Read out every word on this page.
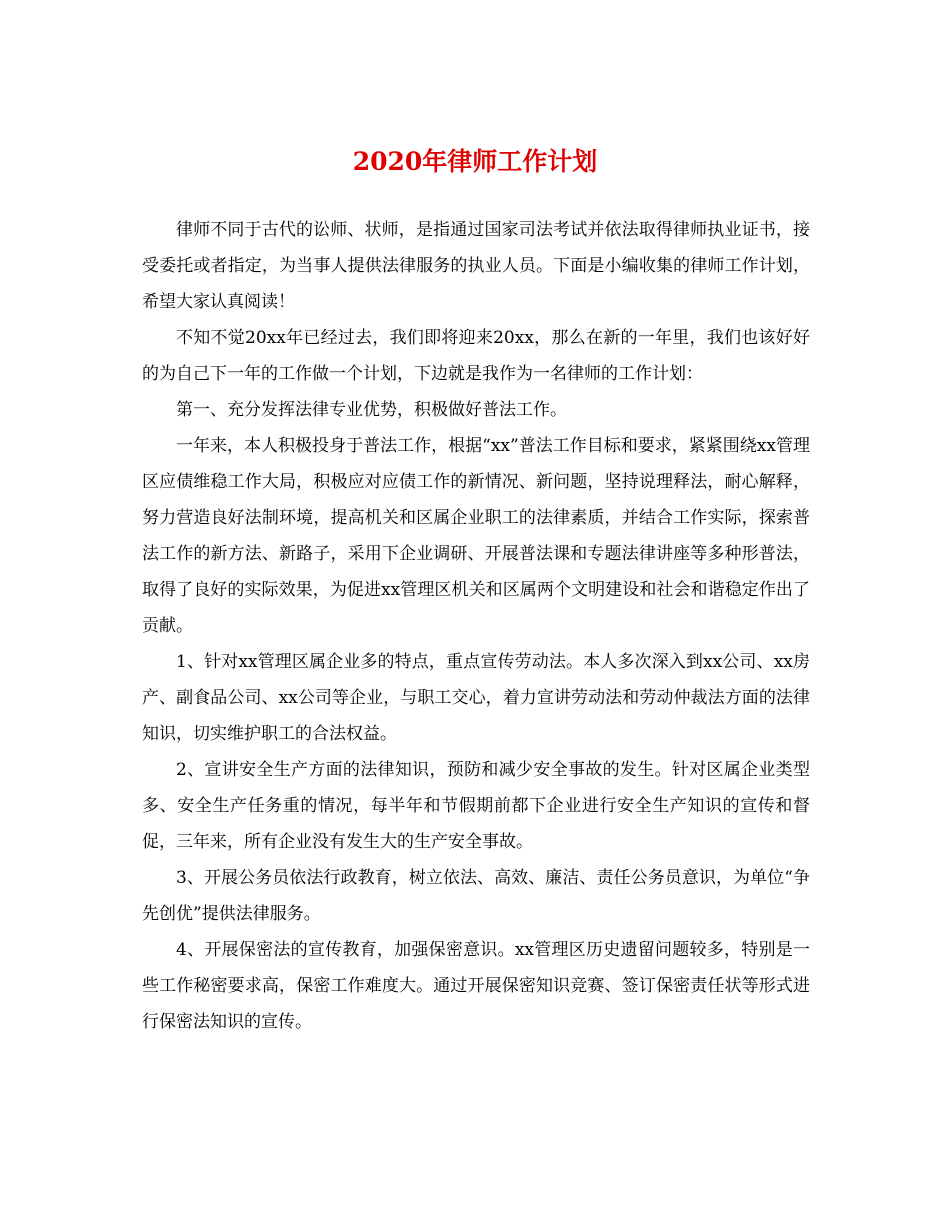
2020年律师工作计划

律师不同于古代的讼师、状师，是指通过国家司法考试并依法取得律师执业证书，接受委托或者指定，为当事人提供法律服务的执业人员。下面是小编收集的律师工作计划，希望大家认真阅读！

不知不觉20xx年已经过去，我们即将迎来20xx，那么在新的一年里，我们也该好好的为自己下一年的工作做一个计划，下边就是我作为一名律师的工作计划：

第一、充分发挥法律专业优势，积极做好普法工作。

一年来，本人积极投身于普法工作，根据“xx”普法工作目标和要求，紧紧围绕xx管理区应债维稳工作大局，积极应对应债工作的新情况、新问题，坚持说理释法，耐心解释，努力营造良好法制环境，提高机关和区属企业职工的法律素质，并结合工作实际，探索普法工作的新方法、新路子，采用下企业调研、开展普法课和专题法律讲座等多种形普法，取得了良好的实际效果，为促进xx管理区机关和区属两个文明建设和社会和谐稳定作出了贡献。

1、针对xx管理区属企业多的特点，重点宣传劳动法。本人多次深入到xx公司、xx房产、副食品公司、xx公司等企业，与职工交心，着力宣讲劳动法和劳动仲裁法方面的法律知识，切实维护职工的合法权益。

2、宣讲安全生产方面的法律知识，预防和减少安全事故的发生。针对区属企业类型多、安全生产任务重的情况，每半年和节假期前都下企业进行安全生产知识的宣传和督促，三年来，所有企业没有发生大的生产安全事故。

3、开展公务员依法行政教育，树立依法、高效、廉洁、责任公务员意识，为单位“争先创优”提供法律服务。

4、开展保密法的宣传教育，加强保密意识。xx管理区历史遗留问题较多，特别是一些工作秘密要求高，保密工作难度大。通过开展保密知识竞赛、签订保密责任状等形式进行保密法知识的宣传。
